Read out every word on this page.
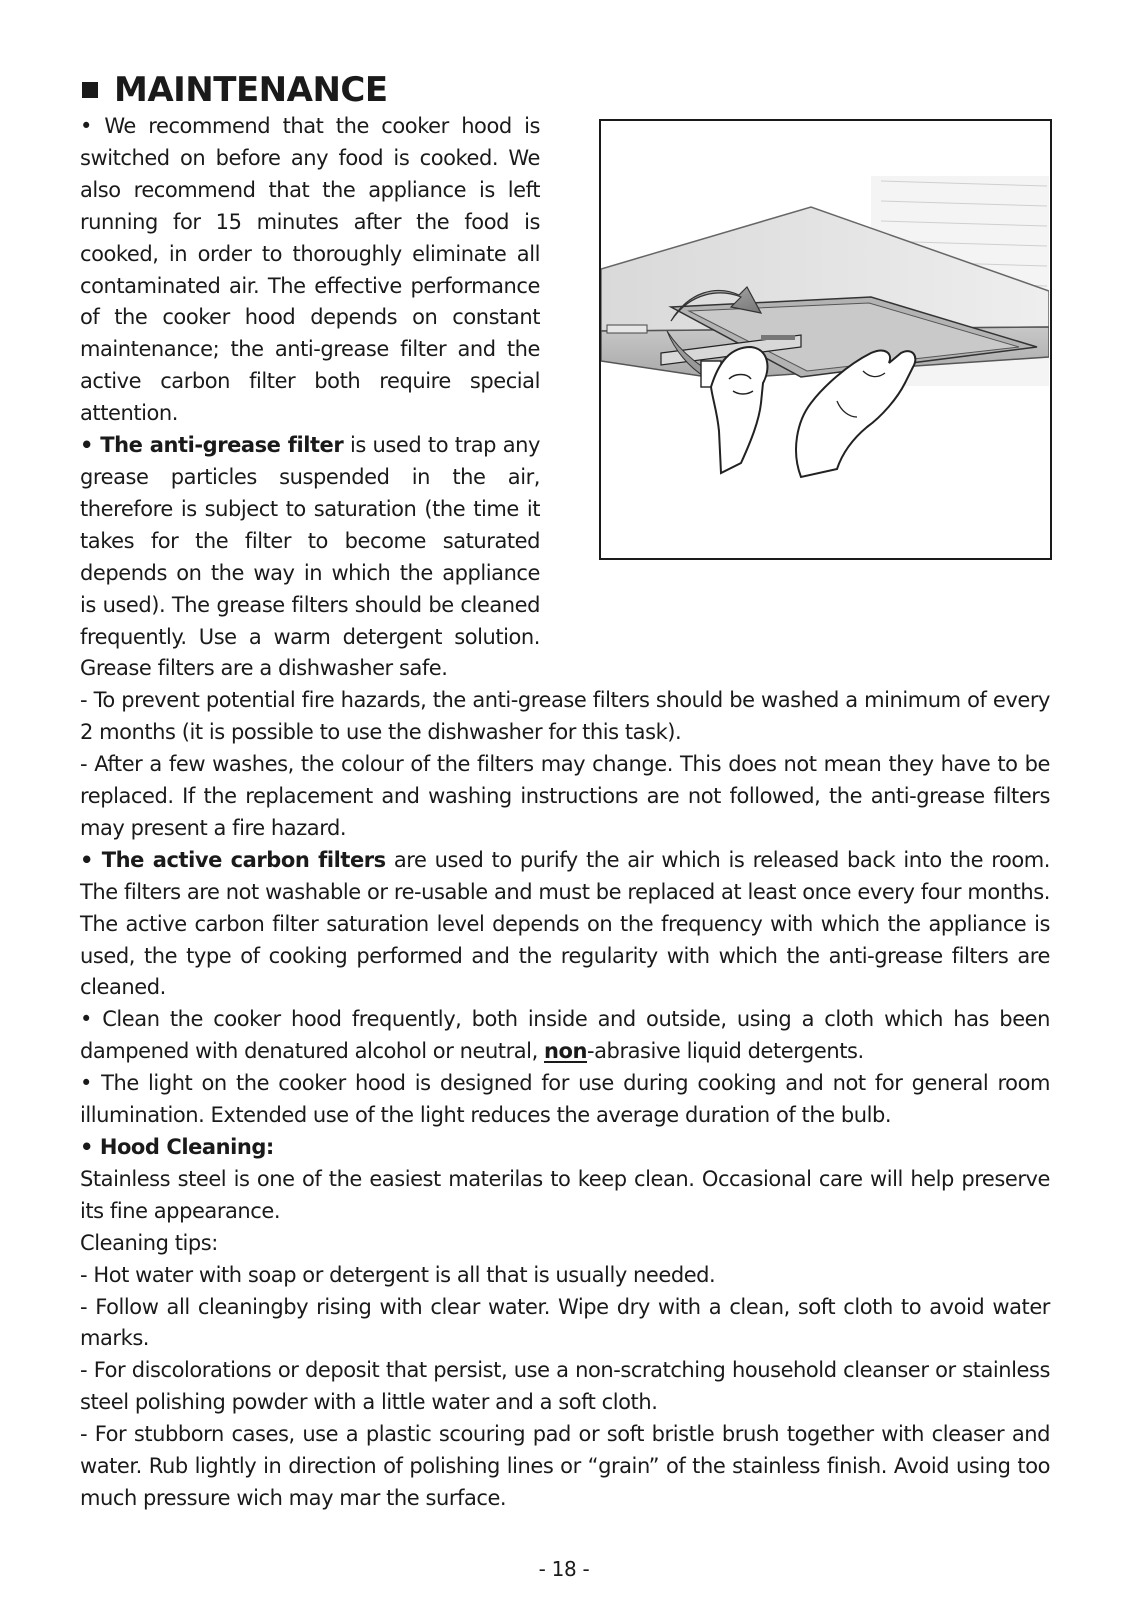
MAINTENANCE

• We recommend that the cooker hood is switched on before any food is cooked. We also recommend that the appliance is left running for 15 minutes after the food is cooked, in order to thoroughly eliminate all contaminated air. The effective performance of the cooker hood depends on constant maintenance; the anti-grease filter and the active carbon filter both require special attention.

• The anti-grease filter is used to trap any grease particles suspended in the air, therefore is subject to saturation (the time it takes for the filter to become saturated depends on the way in which the appliance is used). The grease filters should be cleaned frequently. Use a warm detergent solution. Grease filters are a dishwasher safe.

- To prevent potential fire hazards, the anti-grease filters should be washed a minimum of every 2 months (it is possible to use the dishwasher for this task).

- After a few washes, the colour of the filters may change. This does not mean they have to be replaced. If the replacement and washing instructions are not followed, the anti-grease filters may present a fire hazard.

• The active carbon filters are used to purify the air which is released back into the room. The filters are not washable or re-usable and must be replaced at least once every four months. The active carbon filter saturation level depends on the frequency with which the appliance is used, the type of cooking performed and the regularity with which the anti-grease filters are cleaned.

• Clean the cooker hood frequently, both inside and outside, using a cloth which has been dampened with denatured alcohol or neutral, non-abrasive liquid detergents.

• The light on the cooker hood is designed for use during cooking and not for general room illumination. Extended use of the light reduces the average duration of the bulb.

• Hood Cleaning:

Stainless steel is one of the easiest materilas to keep clean. Occasional care will help preserve its fine appearance.

Cleaning tips:

- Hot water with soap or detergent is all that is usually needed.

- Follow all cleaningby rising with clear water. Wipe dry with a clean, soft cloth to avoid water marks.

- For discolorations or deposit that persist, use a non-scratching household cleanser or stainless steel polishing powder with a little water and a soft cloth.

- For stubborn cases, use a plastic scouring pad or soft bristle brush together with cleaser and water. Rub lightly in direction of polishing lines or “grain” of the stainless finish. Avoid using too much pressure wich may mar the surface.

- 18 -
